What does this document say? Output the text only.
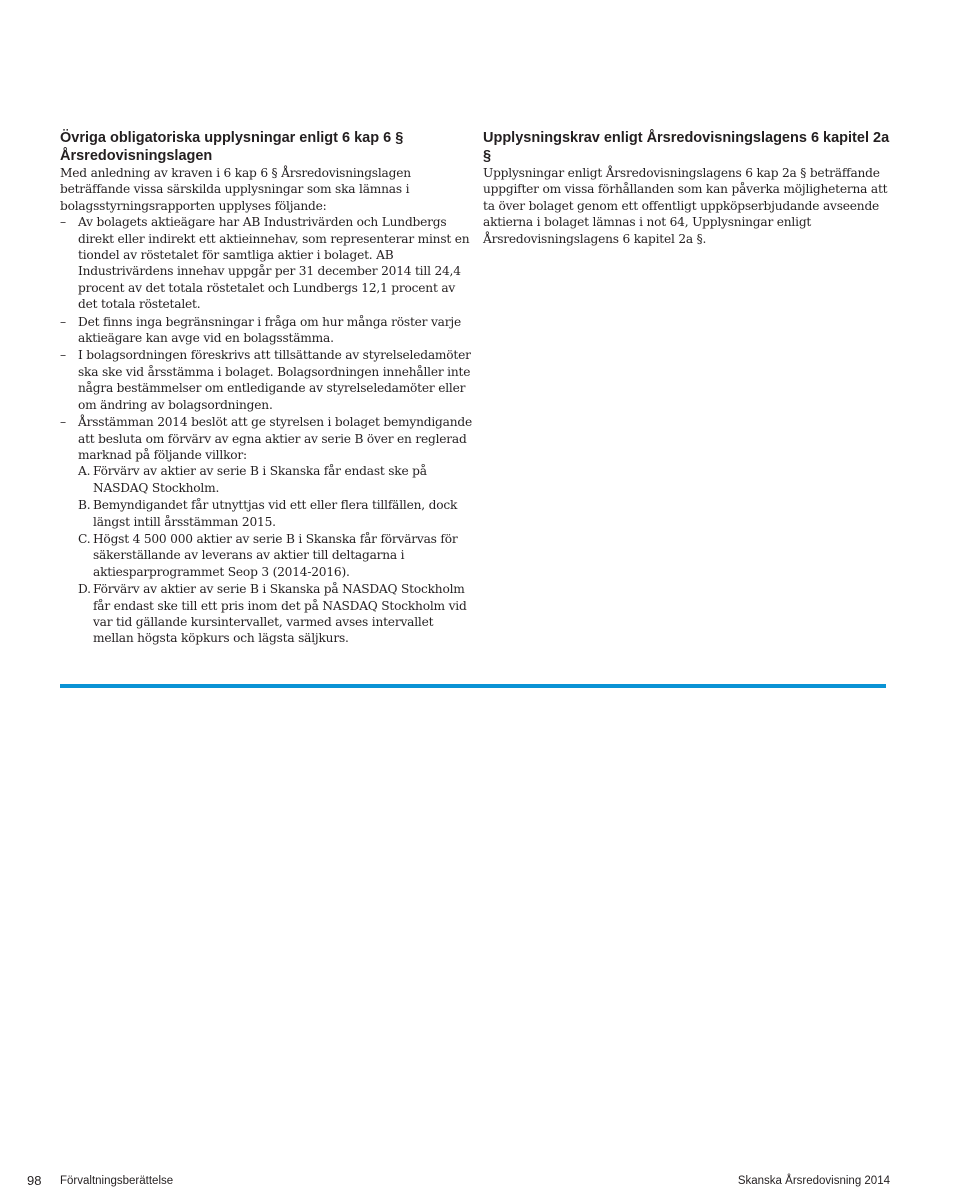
Övriga obligatoriska upplysningar enligt 6 kap 6 § Årsredovisningslagen

Med anledning av kraven i 6 kap 6 § Årsredovisningslagen beträffande vissa särskilda upplysningar som ska lämnas i bolagsstyrningsrapporten upplyses följande:

– Av bolagets aktieägare har AB Industrivärden och Lundbergs direkt eller indirekt ett aktieinnehav, som representerar minst en tiondel av röstetalet för samtliga aktier i bolaget. AB Industrivärdens innehav uppgår per 31 december 2014 till 24,4 procent av det totala röstetalet och Lundbergs 12,1 procent av det totala röstetalet.
– Det finns inga begränsningar i fråga om hur många röster varje aktieägare kan avge vid en bolagsstämma.
– I bolagsordningen föreskrivs att tillsättande av styrelseledamöter ska ske vid årsstämma i bolaget. Bolagsordningen innehåller inte några bestämmelser om entledigande av styrelseledamöter eller om ändring av bolagsordningen.
– Årsstämman 2014 beslöt att ge styrelsen i bolaget bemyndigande att besluta om förvärv av egna aktier av serie B över en reglerad marknad på följande villkor:
A. Förvärv av aktier av serie B i Skanska får endast ske på NASDAQ Stockholm.
B. Bemyndigandet får utnyttjas vid ett eller flera tillfällen, dock längst intill årsstämman 2015.
C. Högst 4 500 000 aktier av serie B i Skanska får förvärvas för säkerställande av leverans av aktier till deltagarna i aktiesparprogrammet Seop 3 (2014-2016).
D. Förvärv av aktier av serie B i Skanska på NASDAQ Stockholm får endast ske till ett pris inom det på NASDAQ Stockholm vid var tid gällande kursintervallet, varmed avses intervallet mellan högsta köpkurs och lägsta säljkurs.
Upplysningskrav enligt Årsredovisningslagens 6 kapitel 2a §

Upplysningar enligt Årsredovisningslagens 6 kap 2a § beträffande uppgifter om vissa förhållanden som kan påverka möjligheterna att ta över bolaget genom ett offentligt uppköpserbjudande avseende aktierna i bolaget lämnas i not 64, Upplysningar enligt Årsredovisningslagens 6 kapitel 2a §.

98 Förvaltningsberättelse	Skanska Årsredovisning 2014
